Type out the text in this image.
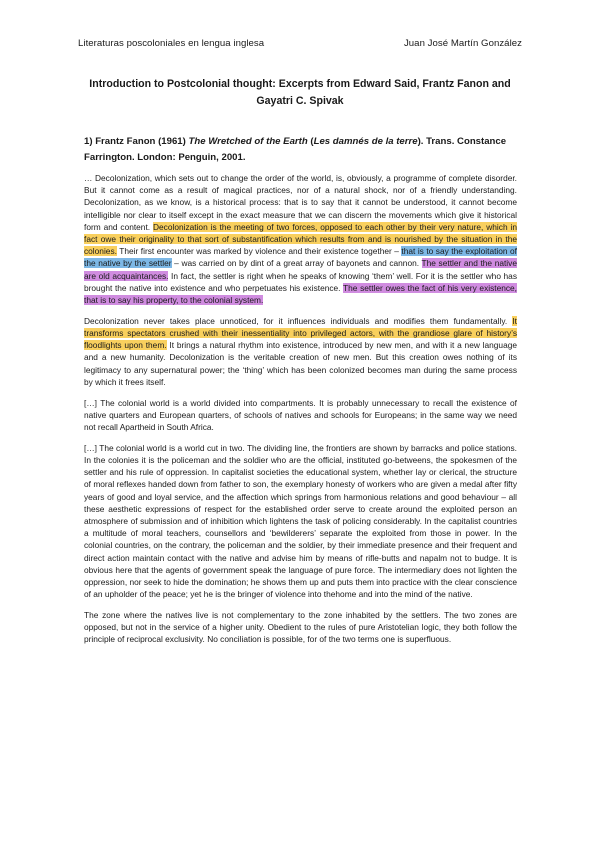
Literaturas poscoloniales en lengua inglesa	Juan José Martín González
Introduction to Postcolonial thought: Excerpts from Edward Said, Frantz Fanon and Gayatri C. Spivak
1) Frantz Fanon (1961) The Wretched of the Earth (Les damnés de la terre). Trans. Constance Farrington. London: Penguin, 2001.

… Decolonization, which sets out to change the order of the world, is, obviously, a programme of complete disorder. But it cannot come as a result of magical practices, nor of a natural shock, nor of a friendly understanding. Decolonization, as we know, is a historical process: that is to say that it cannot be understood, it cannot become intelligible nor clear to itself except in the exact measure that we can discern the movements which give it historical form and content. Decolonization is the meeting of two forces, opposed to each other by their very nature, which in fact owe their originality to that sort of substantification which results from and is nourished by the situation in the colonies. Their first encounter was marked by violence and their existence together – that is to say the exploitation of the native by the settler – was carried on by dint of a great array of bayonets and cannon. The settler and the native are old acquaintances. In fact, the settler is right when he speaks of knowing ‘them’ well. For it is the settler who has brought the native into existence and who perpetuates his existence. The settler owes the fact of his very existence, that is to say his property, to the colonial system.

Decolonization never takes place unnoticed, for it influences individuals and modifies them fundamentally. It transforms spectators crushed with their inessentiality into privileged actors, with the grandiose glare of history’s floodlights upon them. It brings a natural rhythm into existence, introduced by new men, and with it a new language and a new humanity. Decolonization is the veritable creation of new men. But this creation owes nothing of its legitimacy to any supernatural power; the ‘thing’ which has been colonized becomes man during the same process by which it frees itself.

[…] The colonial world is a world divided into compartments. It is probably unnecessary to recall the existence of native quarters and European quarters, of schools of natives and schools for Europeans; in the same way we need not recall Apartheid in South Africa.

[…] The colonial world is a world cut in two. The dividing line, the frontiers are shown by barracks and police stations. In the colonies it is the policeman and the soldier who are the official, instituted go-betweens, the spokesmen of the settler and his rule of oppression. In capitalist societies the educational system, whether lay or clerical, the structure of moral reflexes handed down from father to son, the exemplary honesty of workers who are given a medal after fifty years of good and loyal service, and the affection which springs from harmonious relations and good behaviour – all these aesthetic expressions of respect for the established order serve to create around the exploited person an atmosphere of submission and of inhibition which lightens the task of policing considerably. In the capitalist countries a multitude of moral teachers, counsellors and ‘bewilderers’ separate the exploited from those in power. In the colonial countries, on the contrary, the policeman and the soldier, by their immediate presence and their frequent and direct action maintain contact with the native and advise him by means of rifle-butts and napalm not to budge. It is obvious here that the agents of government speak the language of pure force. The intermediary does not lighten the oppression, nor seek to hide the domination; he shows them up and puts them into practice with the clear conscience of an upholder of the peace; yet he is the bringer of violence into thehome and into the mind of the native.

The zone where the natives live is not complementary to the zone inhabited by the settlers. The two zones are opposed, but not in the service of a higher unity. Obedient to the rules of pure Aristotelian logic, they both follow the principle of reciprocal exclusivity. No conciliation is possible, for of the two terms one is superfluous.
